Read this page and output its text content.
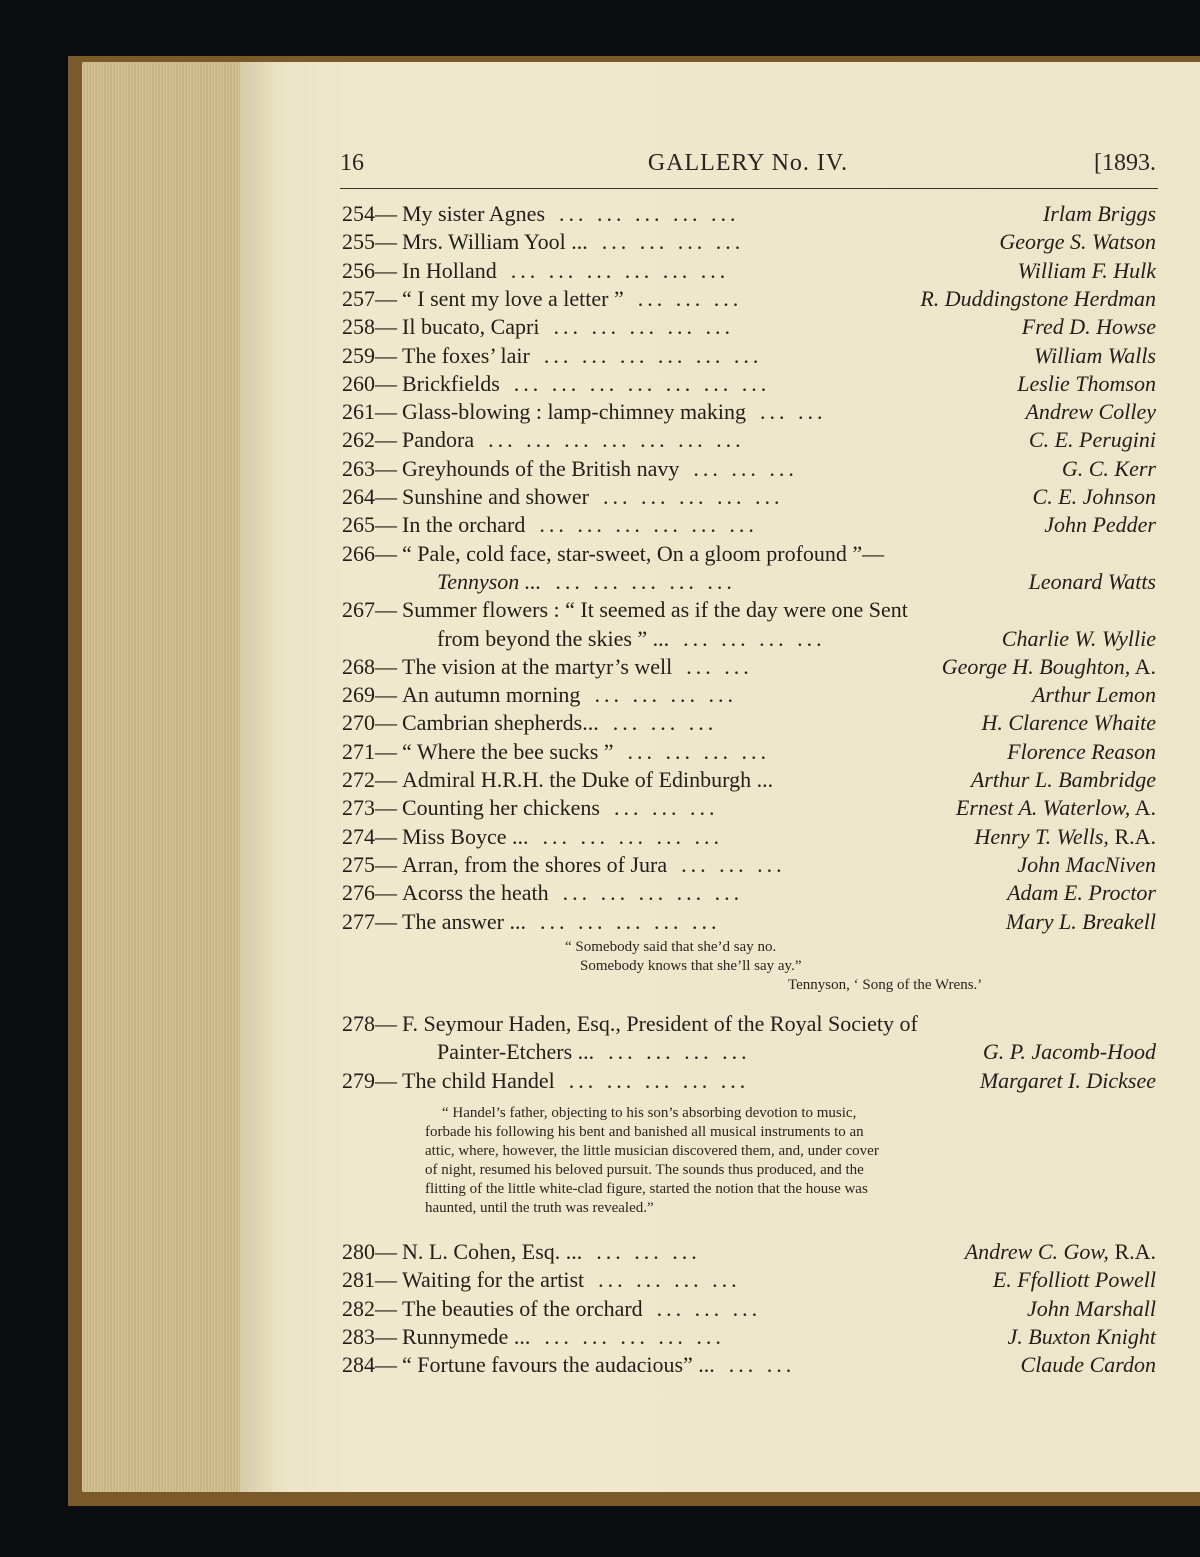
16	GALLERY No. IV.	[1893.
254— My sister Agnes	Irlam Briggs
... ... ... ... ...
255— Mrs. William Yool ...	George S. Watson
... ... ... ...
256— In Holland	William F. Hulk
... ... ... ... ... ...
257— “ I sent my love a letter ”	R. Duddingstone Herdman
... ... ...
258— Il bucato, Capri	Fred D. Howse
... ... ... ... ...
259— The foxes’ lair	William Walls
... ... ... ... ... ...
260— Brickfields	Leslie Thomson
... ... ... ... ... ... ...
261— Glass-blowing : lamp-chimney making	Andrew Colley
... ...
262— Pandora	C. E. Perugini
... ... ... ... ... ... ...
263— Greyhounds of the British navy	G. C. Kerr
... ... ...
264— Sunshine and shower	C. E. Johnson
... ... ... ... ...
265— In the orchard	John Pedder
... ... ... ... ... ...
266— “ Pale, cold face, star-sweet, On a gloom profound ”—
Tennyson ...	Leonard Watts
... ... ... ... ...
267— Summer flowers : “ It seemed as if the day were one Sent
from beyond the skies ” ...	Charlie W. Wyllie
... ... ... ...
268— The vision at the martyr’s well	George H. Boughton, A.
... ...
269— An autumn morning	Arthur Lemon
... ... ... ...
270— Cambrian shepherds...	H. Clarence Whaite
... ... ...
271— “ Where the bee sucks ”	Florence Reason
... ... ... ...
272— Admiral H.R.H. the Duke of Edinburgh ...	Arthur L. Bambridge
273— Counting her chickens	Ernest A. Waterlow, A.
... ... ...
274— Miss Boyce ...	Henry T. Wells, R.A.
... ... ... ... ...
275— Arran, from the shores of Jura	John MacNiven
... ... ...
276— Acorss the heath	Adam E. Proctor
... ... ... ... ...
277— The answer ...	Mary L. Breakell
... ... ... ... ...
“ Somebody said that she’d say no.
Somebody knows that she’ll say ay.”
Tennyson, ‘ Song of the Wrens.’
278— F. Seymour Haden, Esq., President of the Royal Society of
Painter-Etchers ...	G. P. Jacomb-Hood
... ... ... ...
279— The child Handel	Margaret I. Dicksee
... ... ... ... ...
“ Handel’s father, objecting to his son’s absorbing devotion to music,
forbade his following his bent and banished all musical instruments to an
attic, where, however, the little musician discovered them, and, under cover
of night, resumed his beloved pursuit. The sounds thus produced, and the
flitting of the little white-clad figure, started the notion that the house was
haunted, until the truth was revealed.”
280— N. L. Cohen, Esq. ...	Andrew C. Gow, R.A.
... ... ...
281— Waiting for the artist	E. Ffolliott Powell
... ... ... ...
282— The beauties of the orchard	John Marshall
... ... ...
283— Runnymede ...	J. Buxton Knight
... ... ... ... ...
284— “ Fortune favours the audacious” ...	Claude Cardon
... ...
